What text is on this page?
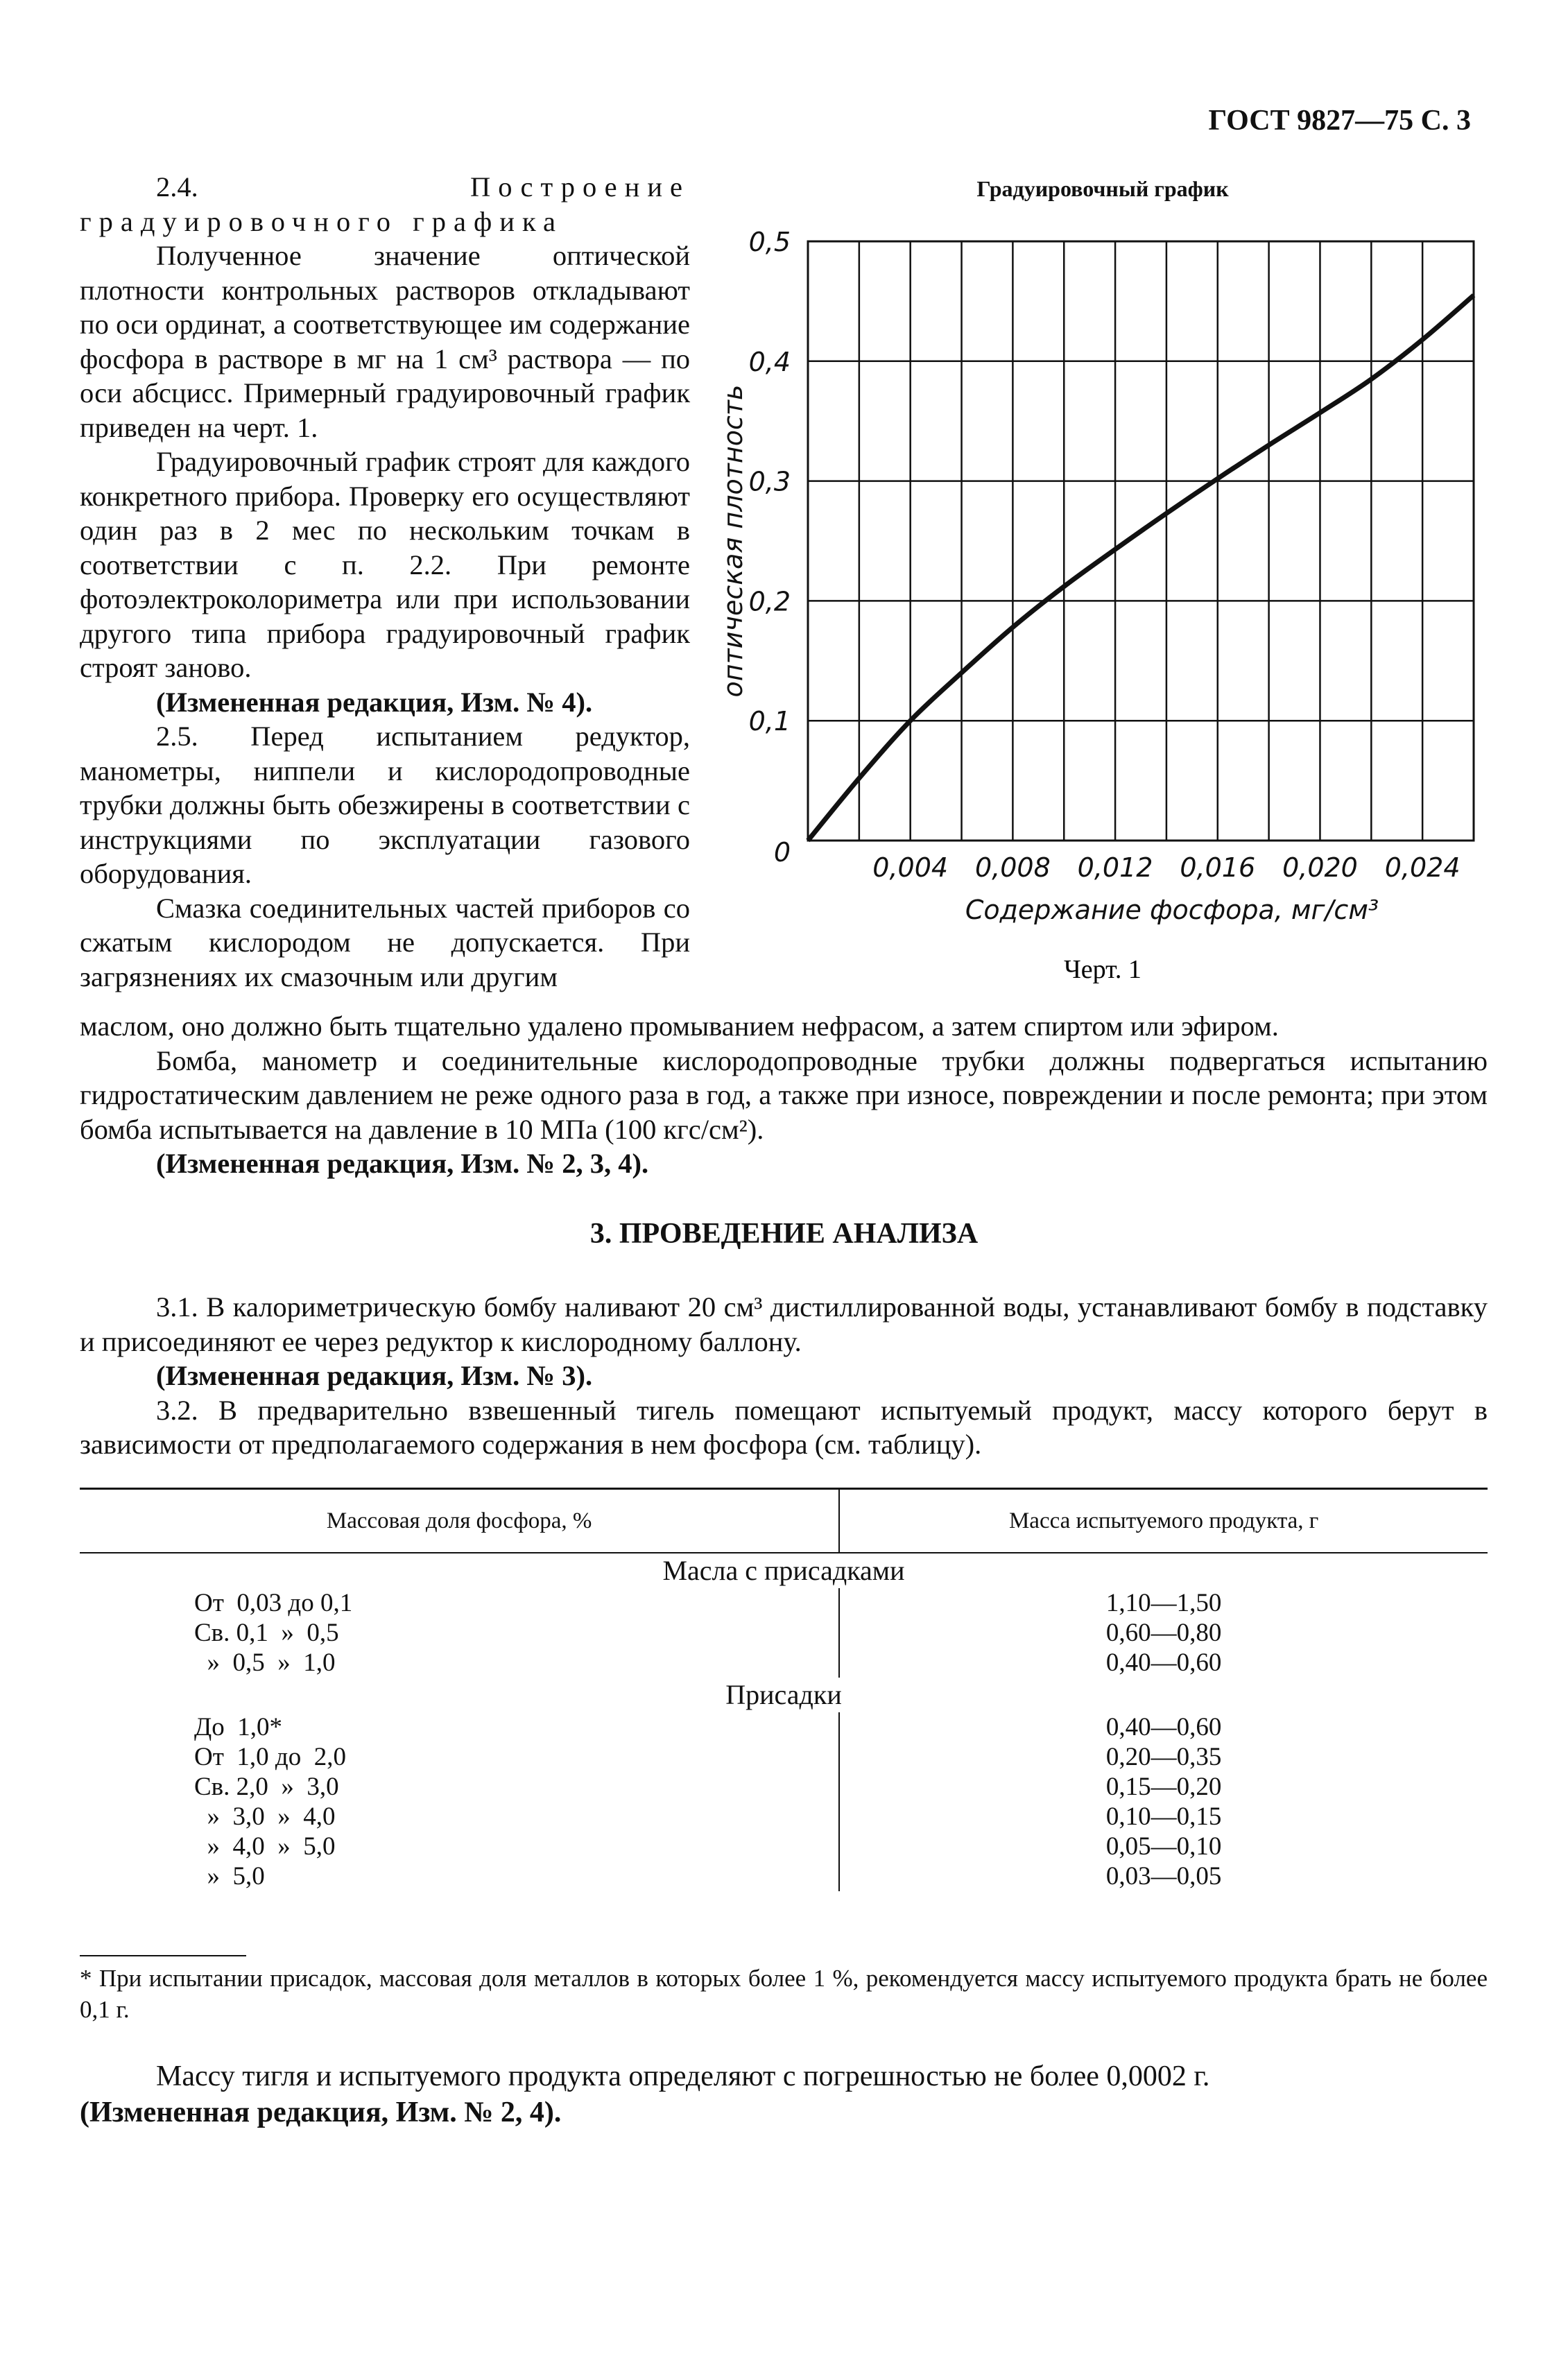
ГОСТ 9827—75 С. 3

2.4.	Построение градуировочного графика

Полученное значение оптической плотности контрольных растворов откладывают по оси ординат, а соответствующее им содержание фосфора в растворе в мг на 1 см³ раствора — по оси абсцисс. Примерный градуировочный график приведен на черт. 1.

Градуировочный график строят для каждого конкретного прибора. Проверку его осуществляют один раз в 2 мес по нескольким точкам в соответствии с п. 2.2. При ремонте фотоэлектроколориметра или при использовании другого типа прибора градуировочный график строят заново.

(Измененная редакция, Изм. № 4).

2.5. Перед испытанием редуктор, манометры, ниппели и кислородопроводные трубки должны быть обезжирены в соответствии с инструкциями по эксплуатации газового оборудования.

Смазка соединительных частей приборов со сжатым кислородом не допускается. При загрязнениях их смазочным или другим

Градуировочный график
0
0,1
0,2
0,3
0,4
0,5
0,004 0,008 0,012 0,016 0,020 0,024
оптическая плотность
Содержание фосфора, мг/см³
Черт. 1

маслом, оно должно быть тщательно удалено промыванием нефрасом, а затем спиртом или эфиром.

Бомба, манометр и соединительные кислородопроводные трубки должны подвергаться испытанию гидростатическим давлением не реже одного раза в год, а также при износе, повреждении и после ремонта; при этом бомба испытывается на давление в 10 МПа (100 кгс/см²).

(Измененная редакция, Изм. № 2, 3, 4).

3. ПРОВЕДЕНИЕ АНАЛИЗА

3.1. В калориметрическую бомбу наливают 20 см³ дистиллированной воды, устанавливают бомбу в подставку и присоединяют ее через редуктор к кислородному баллону.

(Измененная редакция, Изм. № 3).

3.2. В предварительно взвешенный тигель помещают испытуемый продукт, массу которого берут в зависимости от предполагаемого содержания в нем фосфора (см. таблицу).

Массовая доля фосфора, %	Масса испытуемого продукта, г
Масла с присадками	
От  0,03 до 0,1	1,10—1,50
Св. 0,1  »  0,5	0,60—0,80
»  0,5  »  1,0	0,40—0,60
Присадки	
До  1,0*	0,40—0,60
От  1,0 до  2,0	0,20—0,35
Св. 2,0  »  3,0	0,15—0,20
»  3,0  »  4,0	0,10—0,15
»  4,0  »  5,0	0,05—0,10
»  5,0	0,03—0,05
* При испытании присадок, массовая доля металлов в которых более 1 %, рекомендуется массу испытуемого продукта брать не более 0,1 г.

Массу тигля и испытуемого продукта определяют с погрешностью не более 0,0002 г.

(Измененная редакция, Изм. № 2, 4).
